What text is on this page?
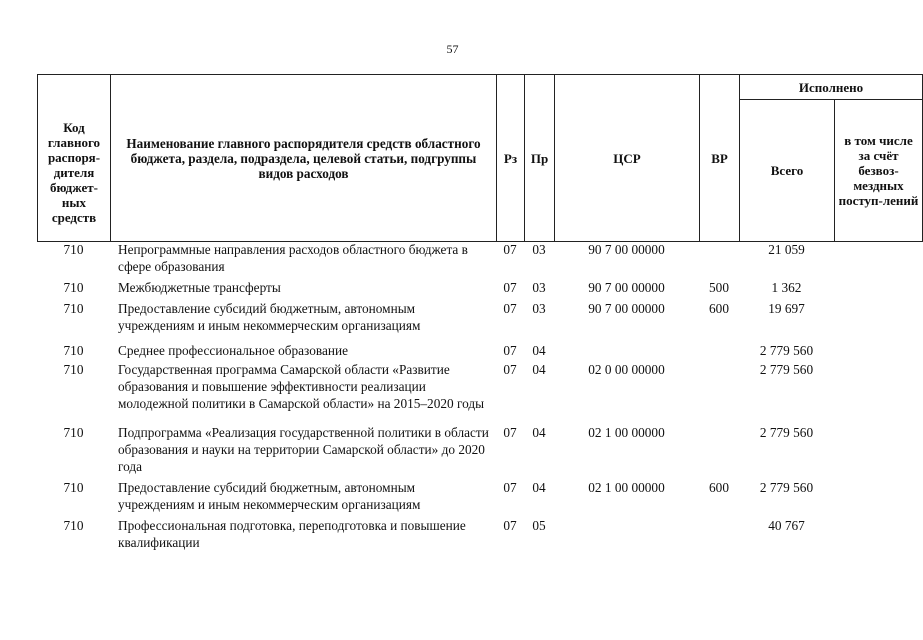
57
Код главного распоря-дителя бюджет-ных средств	Наименование главного распорядителя средств областного бюджета, раздела, подраздела, целевой статьи, подгруппы видов расходов	Рз	Пр	ЦСР	ВР	Исполнено	
						Всего	в том числе за счёт безвоз-мездных поступ-лений
710	Непрограммные направления расходов областного бюджета в сфере образования	07	03	90 7 00 00000		21 059	
710	Межбюджетные трансферты	07	03	90 7 00 00000	500	1 362	
710	Предоставление субсидий бюджетным, автономным учреждениям и иным некоммерческим организациям	07	03	90 7 00 00000	600	19 697	
710	Среднее профессиональное образование	07	04			2 779 560	
710	Государственная программа Самарской области «Развитие образования и повышение эффективности реализации молодежной политики в Самарской области» на 2015–2020 годы	07	04	02 0 00 00000		2 779 560	
710	Подпрограмма «Реализация государственной политики в области образования и науки на территории Самарской области» до 2020 года	07	04	02 1 00 00000		2 779 560	
710	Предоставление субсидий бюджетным, автономным учреждениям и иным некоммерческим организациям	07	04	02 1 00 00000	600	2 779 560	
710	Профессиональная подготовка, переподготовка и повышение квалификации	07	05			40 767	
